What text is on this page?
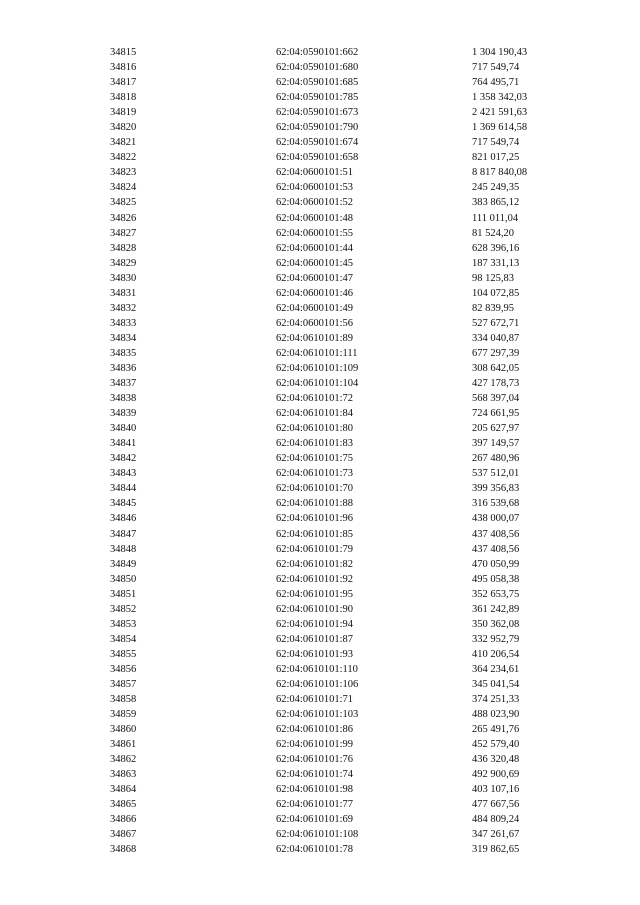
34815	62:04:0590101:662	1 304 190,43
34816	62:04:0590101:680	717 549,74
34817	62:04:0590101:685	764 495,71
34818	62:04:0590101:785	1 358 342,03
34819	62:04:0590101:673	2 421 591,63
34820	62:04:0590101:790	1 369 614,58
34821	62:04:0590101:674	717 549,74
34822	62:04:0590101:658	821 017,25
34823	62:04:0600101:51	8 817 840,08
34824	62:04:0600101:53	245 249,35
34825	62:04:0600101:52	383 865,12
34826	62:04:0600101:48	111 011,04
34827	62:04:0600101:55	81 524,20
34828	62:04:0600101:44	628 396,16
34829	62:04:0600101:45	187 331,13
34830	62:04:0600101:47	98 125,83
34831	62:04:0600101:46	104 072,85
34832	62:04:0600101:49	82 839,95
34833	62:04:0600101:56	527 672,71
34834	62:04:0610101:89	334 040,87
34835	62:04:0610101:111	677 297,39
34836	62:04:0610101:109	308 642,05
34837	62:04:0610101:104	427 178,73
34838	62:04:0610101:72	568 397,04
34839	62:04:0610101:84	724 661,95
34840	62:04:0610101:80	205 627,97
34841	62:04:0610101:83	397 149,57
34842	62:04:0610101:75	267 480,96
34843	62:04:0610101:73	537 512,01
34844	62:04:0610101:70	399 356,83
34845	62:04:0610101:88	316 539,68
34846	62:04:0610101:96	438 000,07
34847	62:04:0610101:85	437 408,56
34848	62:04:0610101:79	437 408,56
34849	62:04:0610101:82	470 050,99
34850	62:04:0610101:92	495 058,38
34851	62:04:0610101:95	352 653,75
34852	62:04:0610101:90	361 242,89
34853	62:04:0610101:94	350 362,08
34854	62:04:0610101:87	332 952,79
34855	62:04:0610101:93	410 206,54
34856	62:04:0610101:110	364 234,61
34857	62:04:0610101:106	345 041,54
34858	62:04:0610101:71	374 251,33
34859	62:04:0610101:103	488 023,90
34860	62:04:0610101:86	265 491,76
34861	62:04:0610101:99	452 579,40
34862	62:04:0610101:76	436 320,48
34863	62:04:0610101:74	492 900,69
34864	62:04:0610101:98	403 107,16
34865	62:04:0610101:77	477 667,56
34866	62:04:0610101:69	484 809,24
34867	62:04:0610101:108	347 261,67
34868	62:04:0610101:78	319 862,65
